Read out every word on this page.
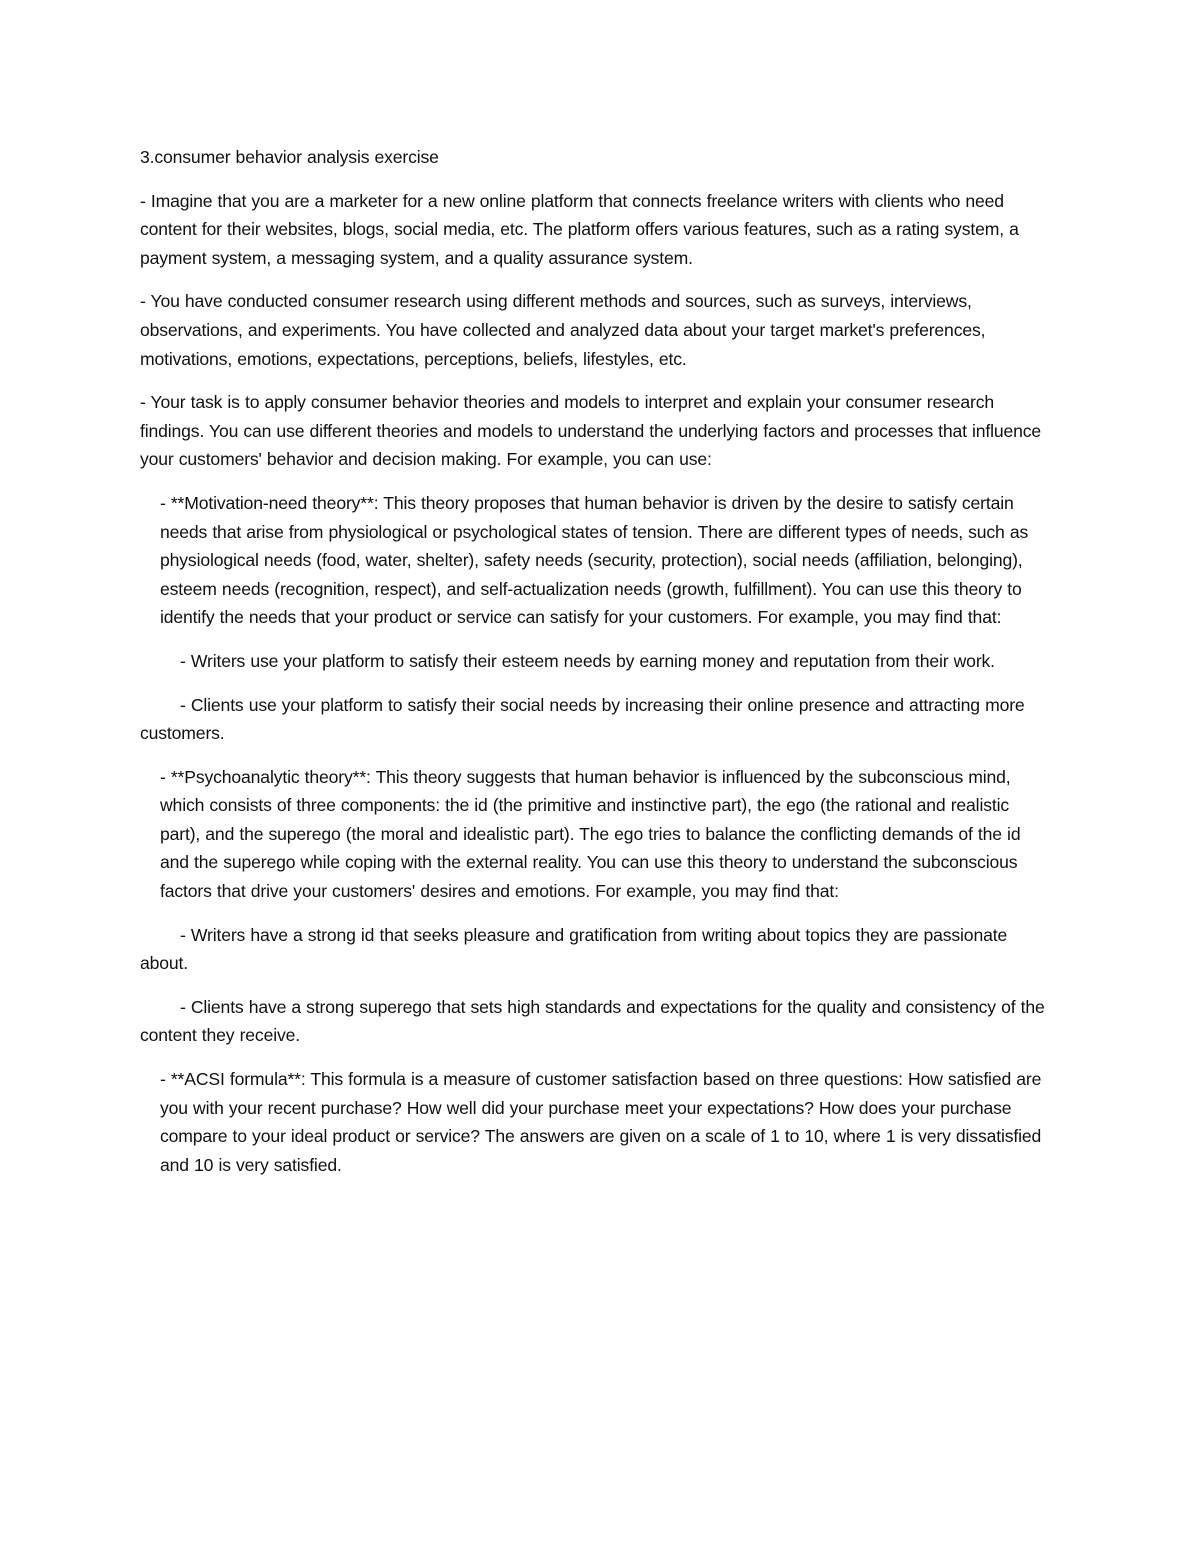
3.consumer behavior analysis exercise

- Imagine that you are a marketer for a new online platform that connects freelance writers with clients who need content for their websites, blogs, social media, etc. The platform offers various features, such as a rating system, a payment system, a messaging system, and a quality assurance system.

- You have conducted consumer research using different methods and sources, such as surveys, interviews, observations, and experiments. You have collected and analyzed data about your target market's preferences, motivations, emotions, expectations, perceptions, beliefs, lifestyles, etc.

- Your task is to apply consumer behavior theories and models to interpret and explain your consumer research findings. You can use different theories and models to understand the underlying factors and processes that influence your customers' behavior and decision making. For example, you can use:

- **Motivation-need theory**: This theory proposes that human behavior is driven by the desire to satisfy certain needs that arise from physiological or psychological states of tension. There are different types of needs, such as physiological needs (food, water, shelter), safety needs (security, protection), social needs (affiliation, belonging), esteem needs (recognition, respect), and self-actualization needs (growth, fulfillment). You can use this theory to identify the needs that your product or service can satisfy for your customers. For example, you may find that:

- Writers use your platform to satisfy their esteem needs by earning money and reputation from their work.

- Clients use your platform to satisfy their social needs by increasing their online presence and attracting more customers.

- **Psychoanalytic theory**: This theory suggests that human behavior is influenced by the subconscious mind, which consists of three components: the id (the primitive and instinctive part), the ego (the rational and realistic part), and the superego (the moral and idealistic part). The ego tries to balance the conflicting demands of the id and the superego while coping with the external reality. You can use this theory to understand the subconscious factors that drive your customers' desires and emotions. For example, you may find that:

- Writers have a strong id that seeks pleasure and gratification from writing about topics they are passionate about.

- Clients have a strong superego that sets high standards and expectations for the quality and consistency of the content they receive.

- **ACSI formula**: This formula is a measure of customer satisfaction based on three questions: How satisfied are you with your recent purchase? How well did your purchase meet your expectations? How does your purchase compare to your ideal product or service? The answers are given on a scale of 1 to 10, where 1 is very dissatisfied and 10 is very satisfied.
